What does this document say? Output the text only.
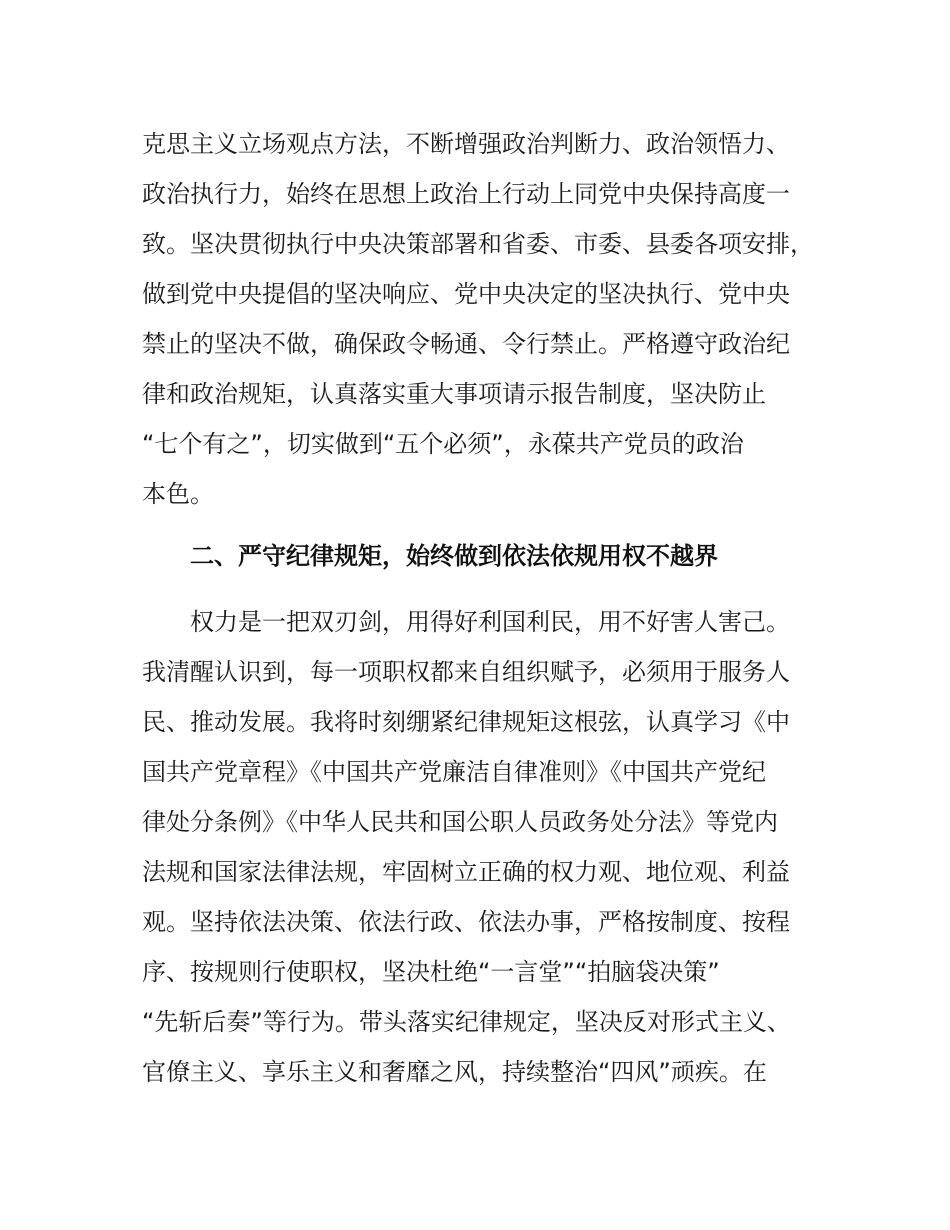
克思主义立场观点方法，不断增强政治判断力、政治领悟力、
政治执行力，始终在思想上政治上行动上同党中央保持高度一
致。坚决贯彻执行中央决策部署和省委、市委、县委各项安排，
做到党中央提倡的坚决响应、党中央决定的坚决执行、党中央
禁止的坚决不做，确保政令畅通、令行禁止。严格遵守政治纪
律和政治规矩，认真落实重大事项请示报告制度，坚决防止
“七个有之”，切实做到“五个必须”，永葆共产党员的政治
本色。
二、严守纪律规矩，始终做到依法依规用权不越界
权力是一把双刃剑，用得好利国利民，用不好害人害己。
我清醒认识到，每一项职权都来自组织赋予，必须用于服务人
民、推动发展。我将时刻绷紧纪律规矩这根弦，认真学习《中
国共产党章程》《中国共产党廉洁自律准则》《中国共产党纪
律处分条例》《中华人民共和国公职人员政务处分法》等党内
法规和国家法律法规，牢固树立正确的权力观、地位观、利益
观。坚持依法决策、依法行政、依法办事，严格按制度、按程
序、按规则行使职权，坚决杜绝“一言堂”“拍脑袋决策”
“先斩后奏”等行为。带头落实纪律规定，坚决反对形式主义、
官僚主义、享乐主义和奢靡之风，持续整治“四风”顽疾。在
